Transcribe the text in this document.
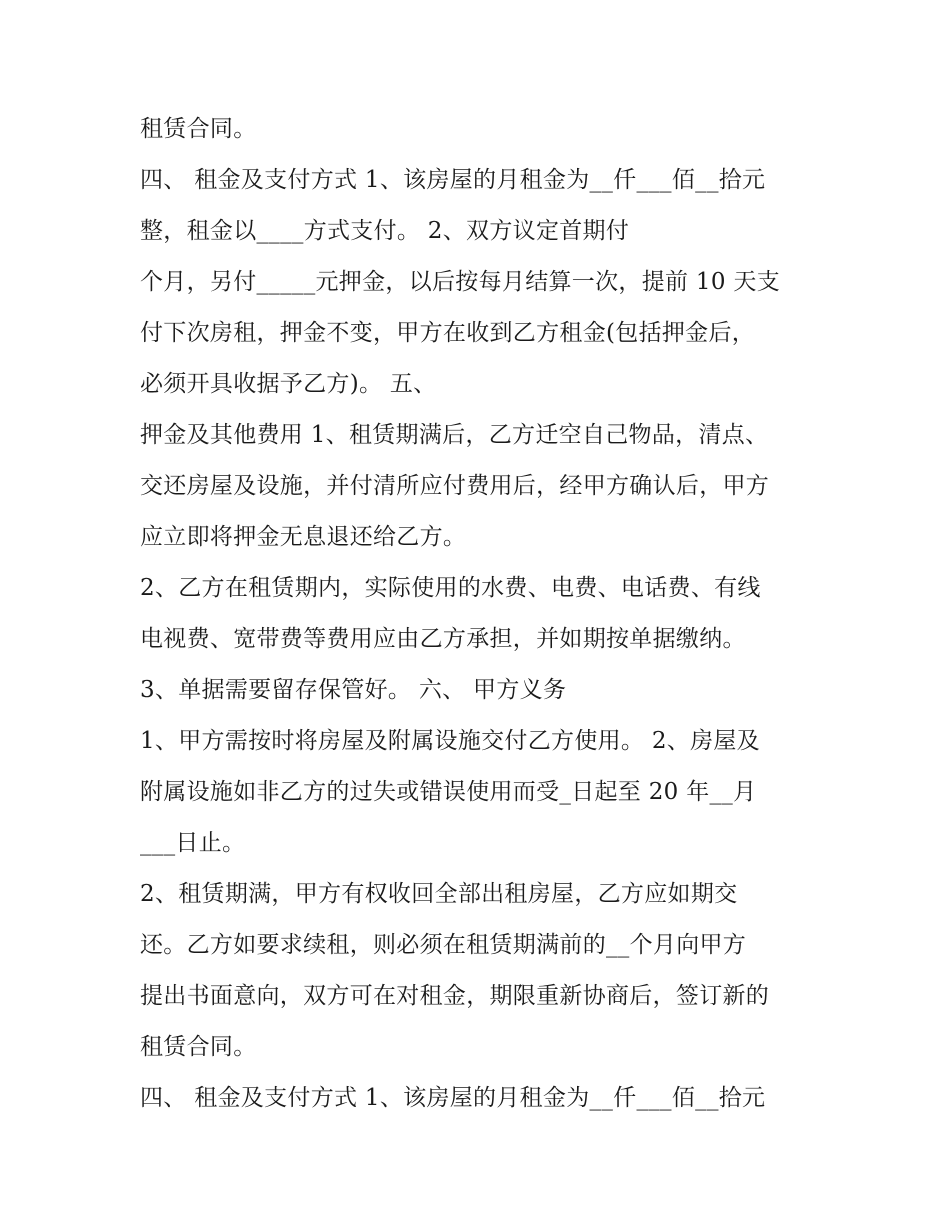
租赁合同。
四、 租金及支付方式 1、该房屋的月租金为__仟___佰__拾元
整，租金以____方式支付。 2、双方议定首期付
个月，另付_____元押金，以后按每月结算一次，提前 10 天支
付下次房租，押金不变，甲方在收到乙方租金(包括押金后，
必须开具收据予乙方)。 五、
押金及其他费用 1、租赁期满后，乙方迁空自己物品，清点、
交还房屋及设施，并付清所应付费用后，经甲方确认后，甲方
应立即将押金无息退还给乙方。
2、乙方在租赁期内，实际使用的水费、电费、电话费、有线
电视费、宽带费等费用应由乙方承担，并如期按单据缴纳。
3、单据需要留存保管好。 六、 甲方义务
1、甲方需按时将房屋及附属设施交付乙方使用。 2、房屋及
附属设施如非乙方的过失或错误使用而受_日起至 20 年__月
___日止。
2、租赁期满，甲方有权收回全部出租房屋，乙方应如期交
还。乙方如要求续租，则必须在租赁期满前的__个月向甲方
提出书面意向，双方可在对租金，期限重新协商后，签订新的
租赁合同。
四、 租金及支付方式 1、该房屋的月租金为__仟___佰__拾元
